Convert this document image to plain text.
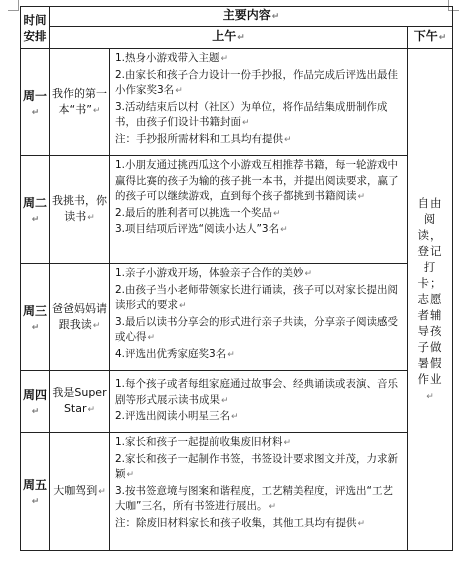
时间安排	主要内容↵		
	上午↵		下午↵
周一↵	我作的第一本“书”↵	1.热身小游戏带入主题↵
2.由家长和孩子合力设计一份手抄报，作品完成后评选出最佳小作家奖3名↵
3.活动结束后以村（社区）为单位，将作品结集成册制作成书，由孩子们设计书籍封面↵
注：手抄报所需材料和工具均有提供↵	自由阅读，登记打卡；志愿者辅导孩子做暑假作业↵
周二↵	我挑书，你读书↵	1.小朋友通过挑西瓜这个小游戏互相推荐书籍，每一轮游戏中赢得比赛的孩子为输的孩子挑一本书，并提出阅读要求，赢了的孩子可以继续游戏，直到每个孩子都挑到书籍阅读↵
2.最后的胜利者可以挑选一个奖品↵
3.项目结项后评选“阅读小达人”3名↵	

周三↵	爸爸妈妈请跟我读↵	1.亲子小游戏开场，体验亲子合作的美妙↵
2.由孩子当小老师带领家长进行诵读，孩子可以对家长提出阅读形式的要求↵
3.最后以读书分享会的形式进行亲子共读，分享亲子阅读感受或心得↵
4.评选出优秀家庭奖3名↵	

周四↵	我是Super Star↵	1.每个孩子或者每组家庭通过故事会、经典诵读或表演、音乐剧等形式展示读书成果↵
2.评选出阅读小明星三名↵	

周五↵	大咖驾到↵	1.家长和孩子一起提前收集废旧材料↵
2.家长和孩子一起制作书签，书签设计要求图文并茂，力求新颖↵
3.按书签意境与图案和谐程度，工艺精美程度，评选出“工艺大咖”三名，所有书签进行展出。↵
注：除废旧材料家长和孩子收集，其他工具均有提供↵	
